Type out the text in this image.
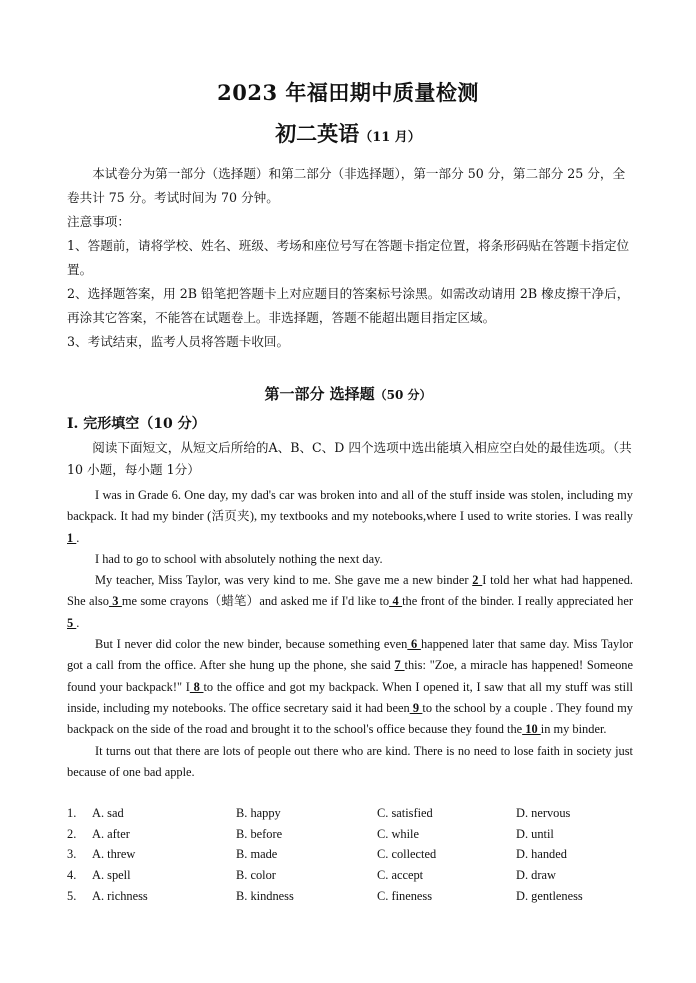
2023 年福田期中质量检测
初二英语（11 月）

本试卷分为第一部分（选择题）和第二部分（非选择题），第一部分 50 分，第二部分 25 分，全卷共计 75 分。考试时间为 70 分钟。

注意事项：

1、答题前，请将学校、姓名、班级、考场和座位号写在答题卡指定位置，将条形码贴在答题卡指定位置。

2、选择题答案，用 2B 铅笔把答题卡上对应题目的答案标号涂黑。如需改动请用 2B 橡皮擦干净后，再涂其它答案，不能答在试题卷上。非选择题，答题不能超出题目指定区域。

3、考试结束，监考人员将答题卡收回。

第一部分 选择题（50 分）
I. 完形填空（10 分）

阅读下面短文，从短文后所给的A、B、C、D 四个选项中选出能填入相应空白处的最佳选项。（共10 小题，每小题 1分）

I was in Grade 6. One day, my dad's car was broken into and all of the stuff inside was stolen, including my backpack. It had my binder (活页夹), my textbooks and my notebooks,where I used to write stories. I was really 1 .

I had to go to school with absolutely nothing the next day.

My teacher, Miss Taylor, was very kind to me. She gave me a new binder 2 I told her what had happened. She also 3 me some crayons（蜡笔）and asked me if I'd like to 4 the front of the binder. I really appreciated her 5 .

But I never did color the new binder, because something even 6 happened later that same day. Miss Taylor got a call from the office. After she hung up the phone, she said 7 this: "Zoe, a miracle has happened! Someone found your backpack!" I 8 to the office and got my backpack. When I opened it, I saw that all my stuff was still inside, including my notebooks. The office secretary said it had been 9 to the school by a couple . They found my backpack on the side of the road and brought it to the school's office because they found the 10 in my binder.

It turns out that there are lots of people out there who are kind. There is no need to lose faith in society just because of one bad apple.

1. A. sad	B. happy	C. satisfied	D. nervous
2. A. after	B. before	C. while	D. until
3. A. threw	B. made	C. collected	D. handed
4. A. spell	B. color	C. accept	D. draw
5. A. richness	B. kindness	C. fineness	D. gentleness
